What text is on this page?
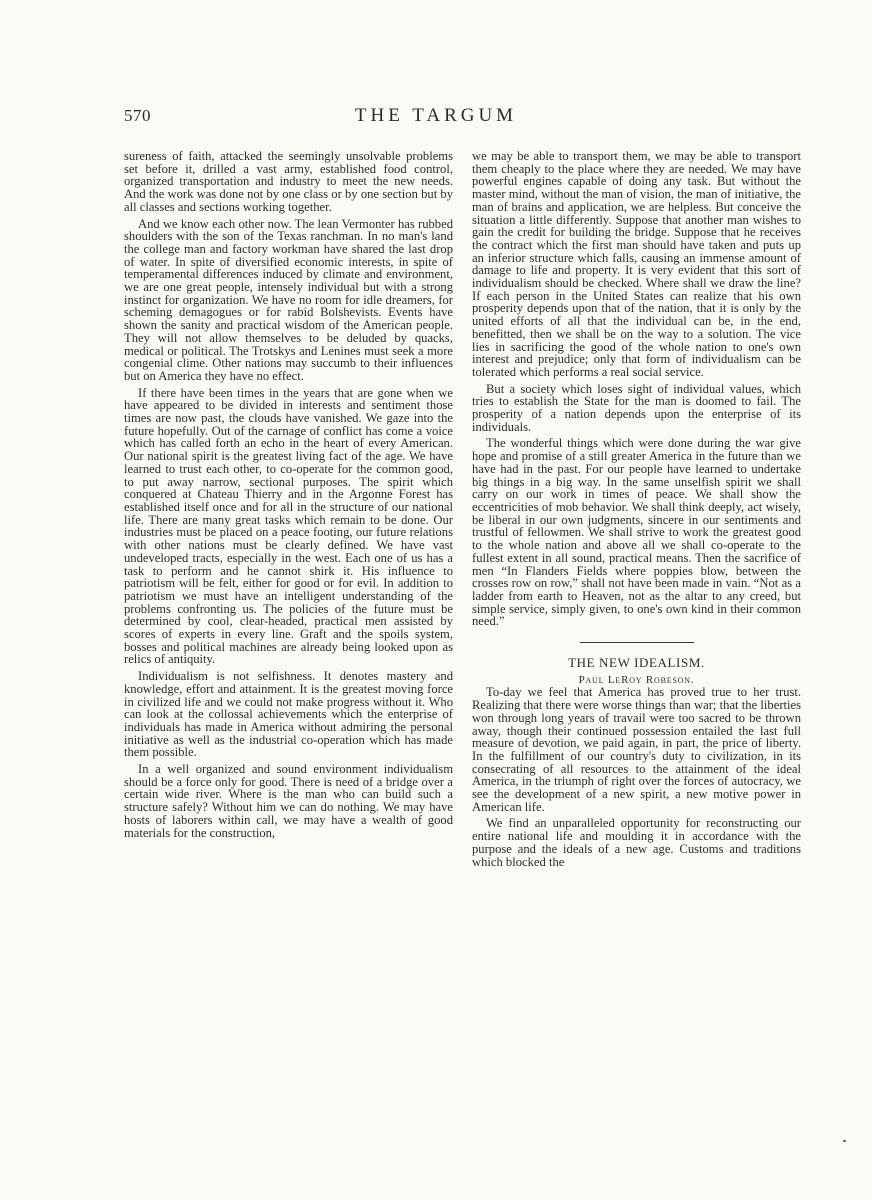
570	THE TARGUM

sureness of faith, attacked the seemingly unsolvable problems set before it, drilled a vast army, established food control, organized transportation and industry to meet the new needs. And the work was done not by one class or by one section but by all classes and sections working together.

And we know each other now. The lean Vermonter has rubbed shoulders with the son of the Texas ranchman. In no man's land the college man and factory workman have shared the last drop of water. In spite of diversified economic interests, in spite of temperamental differences induced by climate and environment, we are one great people, intensely individual but with a strong instinct for organization. We have no room for idle dreamers, for scheming demagogues or for rabid Bolshevists. Events have shown the sanity and practical wisdom of the American people. They will not allow themselves to be deluded by quacks, medical or political. The Trotskys and Lenines must seek a more congenial clime. Other nations may succumb to their influences but on America they have no effect.

If there have been times in the years that are gone when we have appeared to be divided in interests and sentiment those times are now past, the clouds have vanished. We gaze into the future hopefully. Out of the carnage of conflict has come a voice which has called forth an echo in the heart of every American. Our national spirit is the greatest living fact of the age. We have learned to trust each other, to co-operate for the common good, to put away narrow, sectional purposes. The spirit which conquered at Chateau Thierry and in the Argonne Forest has established itself once and for all in the structure of our national life. There are many great tasks which remain to be done. Our industries must be placed on a peace footing, our future relations with other nations must be clearly defined. We have vast undeveloped tracts, especially in the west. Each one of us has a task to perform and he cannot shirk it. His influence to patriotism will be felt, either for good or for evil. In addition to patriotism we must have an intelligent understanding of the problems confronting us. The policies of the future must be determined by cool, clear-headed, practical men assisted by scores of experts in every line. Graft and the spoils system, bosses and political machines are already being looked upon as relics of antiquity.

Individualism is not selfishness. It denotes mastery and knowledge, effort and attainment. It is the greatest moving force in civilized life and we could not make progress without it. Who can look at the collossal achievements which the enterprise of individuals has made in America without admiring the personal initiative as well as the industrial co-operation which has made them possible.

In a well organized and sound environment individualism should be a force only for good. There is need of a bridge over a certain wide river. Where is the man who can build such a structure safely? Without him we can do nothing. We may have hosts of laborers within call, we may have a wealth of good materials for the construction,

we may be able to transport them, we may be able to transport them cheaply to the place where they are needed. We may have powerful engines capable of doing any task. But without the master mind, without the man of vision, the man of initiative, the man of brains and application, we are helpless. But conceive the situation a little differently. Suppose that another man wishes to gain the credit for building the bridge. Suppose that he receives the contract which the first man should have taken and puts up an inferior structure which falls, causing an immense amount of damage to life and property. It is very evident that this sort of individualism should be checked. Where shall we draw the line? If each person in the United States can realize that his own prosperity depends upon that of the nation, that it is only by the united efforts of all that the individual can be, in the end, benefitted, then we shall be on the way to a solution. The vice lies in sacrificing the good of the whole nation to one's own interest and prejudice; only that form of individualism can be tolerated which performs a real social service.

But a society which loses sight of individual values, which tries to establish the State for the man is doomed to fail. The prosperity of a nation depends upon the enterprise of its individuals.

The wonderful things which were done during the war give hope and promise of a still greater America in the future than we have had in the past. For our people have learned to undertake big things in a big way. In the same unselfish spirit we shall carry on our work in times of peace. We shall show the eccentricities of mob behavior. We shall think deeply, act wisely, be liberal in our own judgments, sincere in our sentiments and trustful of fellowmen. We shall strive to work the greatest good to the whole nation and above all we shall co-operate to the fullest extent in all sound, practical means. Then the sacrifice of men “In Flanders Fields where poppies blow, between the crosses row on row,” shall not have been made in vain. “Not as a ladder from earth to Heaven, not as the altar to any creed, but simple service, simply given, to one's own kind in their common need.”

THE NEW IDEALISM.

Paul LeRoy Robeson.

To-day we feel that America has proved true to her trust. Realizing that there were worse things than war; that the liberties won through long years of travail were too sacred to be thrown away, though their continued possession entailed the last full measure of devotion, we paid again, in part, the price of liberty. In the fulfillment of our country's duty to civilization, in its consecrating of all resources to the attainment of the ideal America, in the triumph of right over the forces of autocracy, we see the development of a new spirit, a new motive power in American life.

We find an unparalleled opportunity for reconstructing our entire national life and moulding it in accordance with the purpose and the ideals of a new age. Customs and traditions which blocked the
